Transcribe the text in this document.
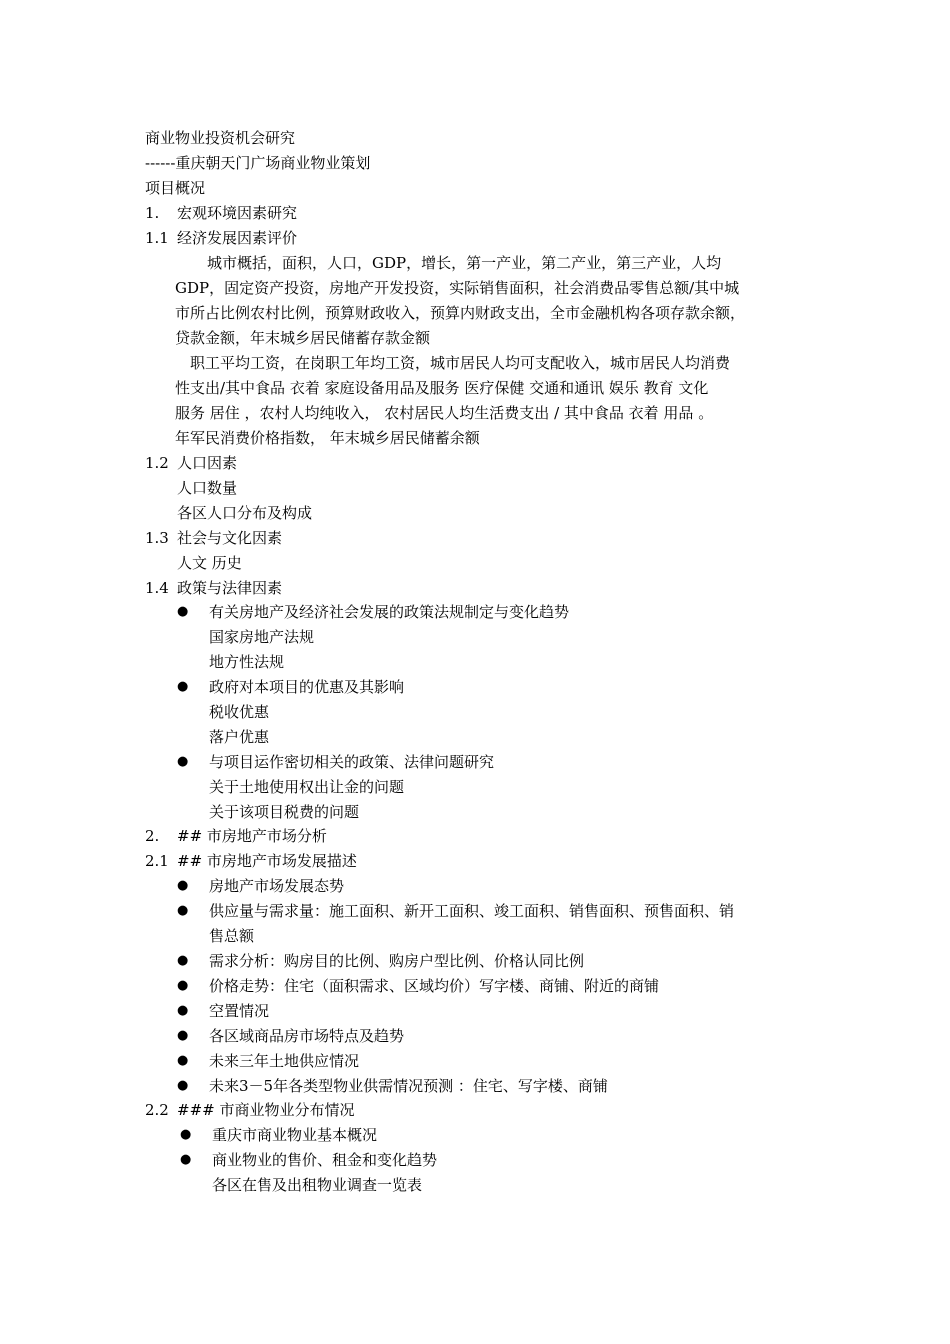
商业物业投资机会研究
------重庆朝天门广场商业物业策划
项目概况
1. 宏观环境因素研究
1.1 经济发展因素评价
城市概括，面积，人口，GDP，增长，第一产业，第二产业，第三产业，人均
GDP，固定资产投资，房地产开发投资，实际销售面积，社会消费品零售总额/其中城
市所占比例农村比例，预算财政收入，预算内财政支出，全市金融机构各项存款余额，
贷款金额，年末城乡居民储蓄存款金额
职工平均工资，在岗职工年均工资，城市居民人均可支配收入，城市居民人均消费
性支出/其中食品 衣着 家庭设备用品及服务 医疗保健 交通和通讯 娱乐 教育 文化
服务 居住 ，农村人均纯收入， 农村居民人均生活费支出 / 其中食品 衣着 用品 。
年军民消费价格指数， 年末城乡居民储蓄余额
1.2 人口因素
人口数量
各区人口分布及构成
1.3 社会与文化因素
人文 历史
1.4 政策与法律因素
● 有关房地产及经济社会发展的政策法规制定与变化趋势
国家房地产法规
地方性法规
● 政府对本项目的优惠及其影响
税收优惠
落户优惠
● 与项目运作密切相关的政策、法律问题研究
关于土地使用权出让金的问题
关于该项目税费的问题
2. ## 市房地产市场分析
2.1 ## 市房地产市场发展描述
● 房地产市场发展态势
● 供应量与需求量：施工面积、新开工面积、竣工面积、销售面积、预售面积、销
售总额
● 需求分析：购房目的比例、购房户型比例、价格认同比例
● 价格走势：住宅（面积需求、区域均价）写字楼、商铺、附近的商铺
● 空置情况
● 各区域商品房市场特点及趋势
● 未来三年土地供应情况
● 未来3－5年各类型物业供需情况预测 ：住宅、写字楼、商铺
2.2 ### 市商业物业分布情况
● 重庆市商业物业基本概况
● 商业物业的售价、租金和变化趋势
各区在售及出租物业调查一览表
